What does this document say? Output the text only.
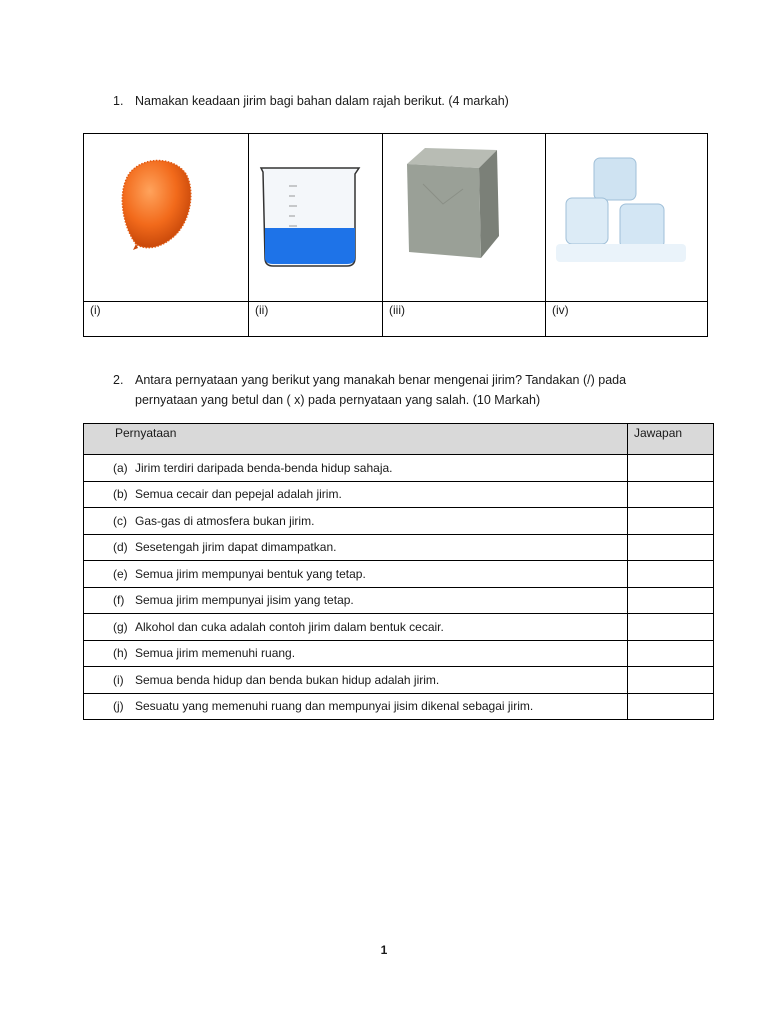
1. Namakan keadaan jirim bagi bahan dalam rajah berikut. (4 markah)

(i)	(ii)	(iii)	(iv)
2. Antara pernyataan yang berikut yang manakah benar mengenai jirim? Tandakan (/) pada pernyataan yang betul dan ( x) pada pernyataan yang salah. (10 Markah)
Pernyataan	Jawapan
(a) Jirim terdiri daripada benda-benda hidup sahaja.	
(b) Semua cecair dan pepejal adalah jirim.	
(c) Gas-gas di atmosfera bukan jirim.	
(d) Sesetengah jirim dapat dimampatkan.	
(e) Semua jirim mempunyai bentuk yang tetap.	
(f) Semua jirim mempunyai jisim yang tetap.	
(g) Alkohol dan cuka adalah contoh jirim dalam bentuk cecair.	
(h) Semua jirim memenuhi ruang.	
(i) Semua benda hidup dan benda bukan hidup adalah jirim.	
(j) Sesuatu yang memenuhi ruang dan mempunyai jisim dikenal sebagai jirim.	
1
